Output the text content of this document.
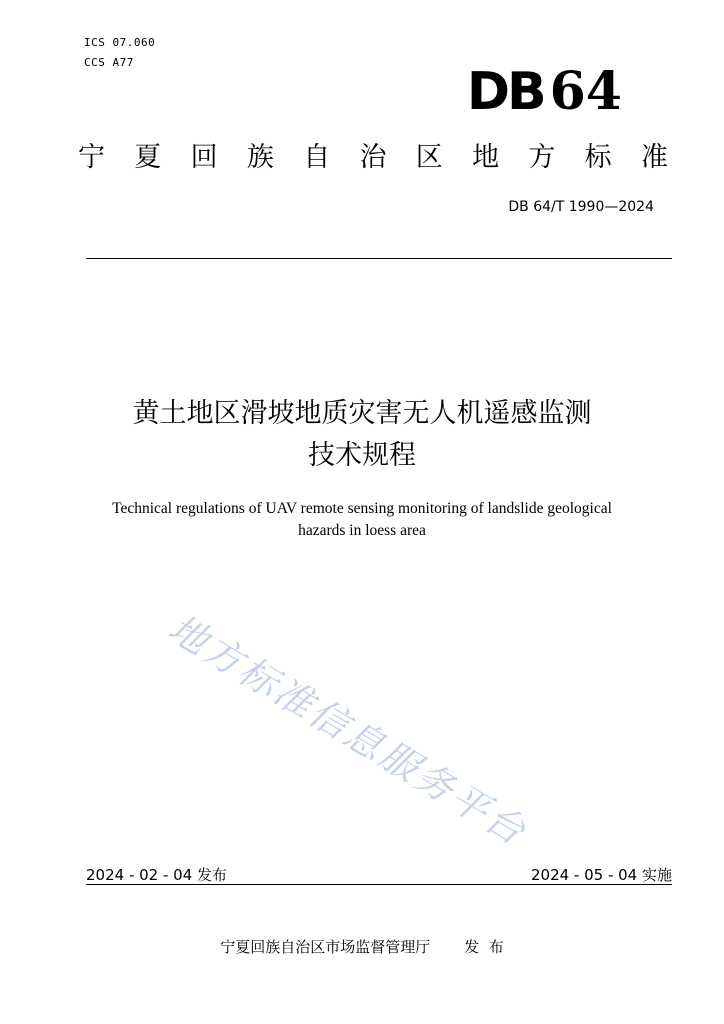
ICS 07.060
CCS A77	DB 64
宁 夏 回 族 自 治 区 地 方 标 准
DB 64/T 1990—2024
黄土地区滑坡地质灾害无人机遥感监测
技术规程
Technical regulations of UAV remote sensing monitoring of landslide geological
hazards in loess area
地方标准信息服务平台
2024 - 02 - 04 发布	2024 - 05 - 04 实施
宁夏回族自治区市场监督管理厅 发  布
